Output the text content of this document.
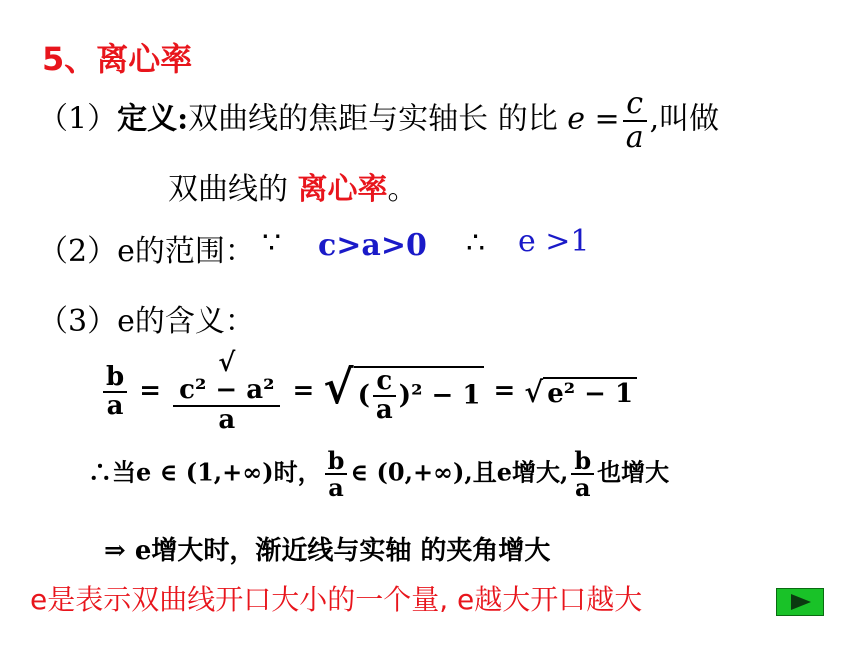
5、离心率
（1）定义:双曲线的焦距与实轴长 的比 $e = \frac{c}{a}$ ,叫做
双曲线的 离心率。
（2）e的范围： ∵ c>a>0 ∴ e >1
（3）e的含义：
$\frac{b}{a}$ = √
c² − a²
a = √ ( $\frac{c}{a} )^2 - 1$ = √ e² − 1
∴当e ∈ (1,+∞)时， $\frac{b}{a}$ ∈ (0,+∞),且e增大, $\frac{b}{a}$ 也增大
⇒ e增大时，渐近线与实轴 的夹角增大
e是表示双曲线开口大小的一个量, e越大开口越大
